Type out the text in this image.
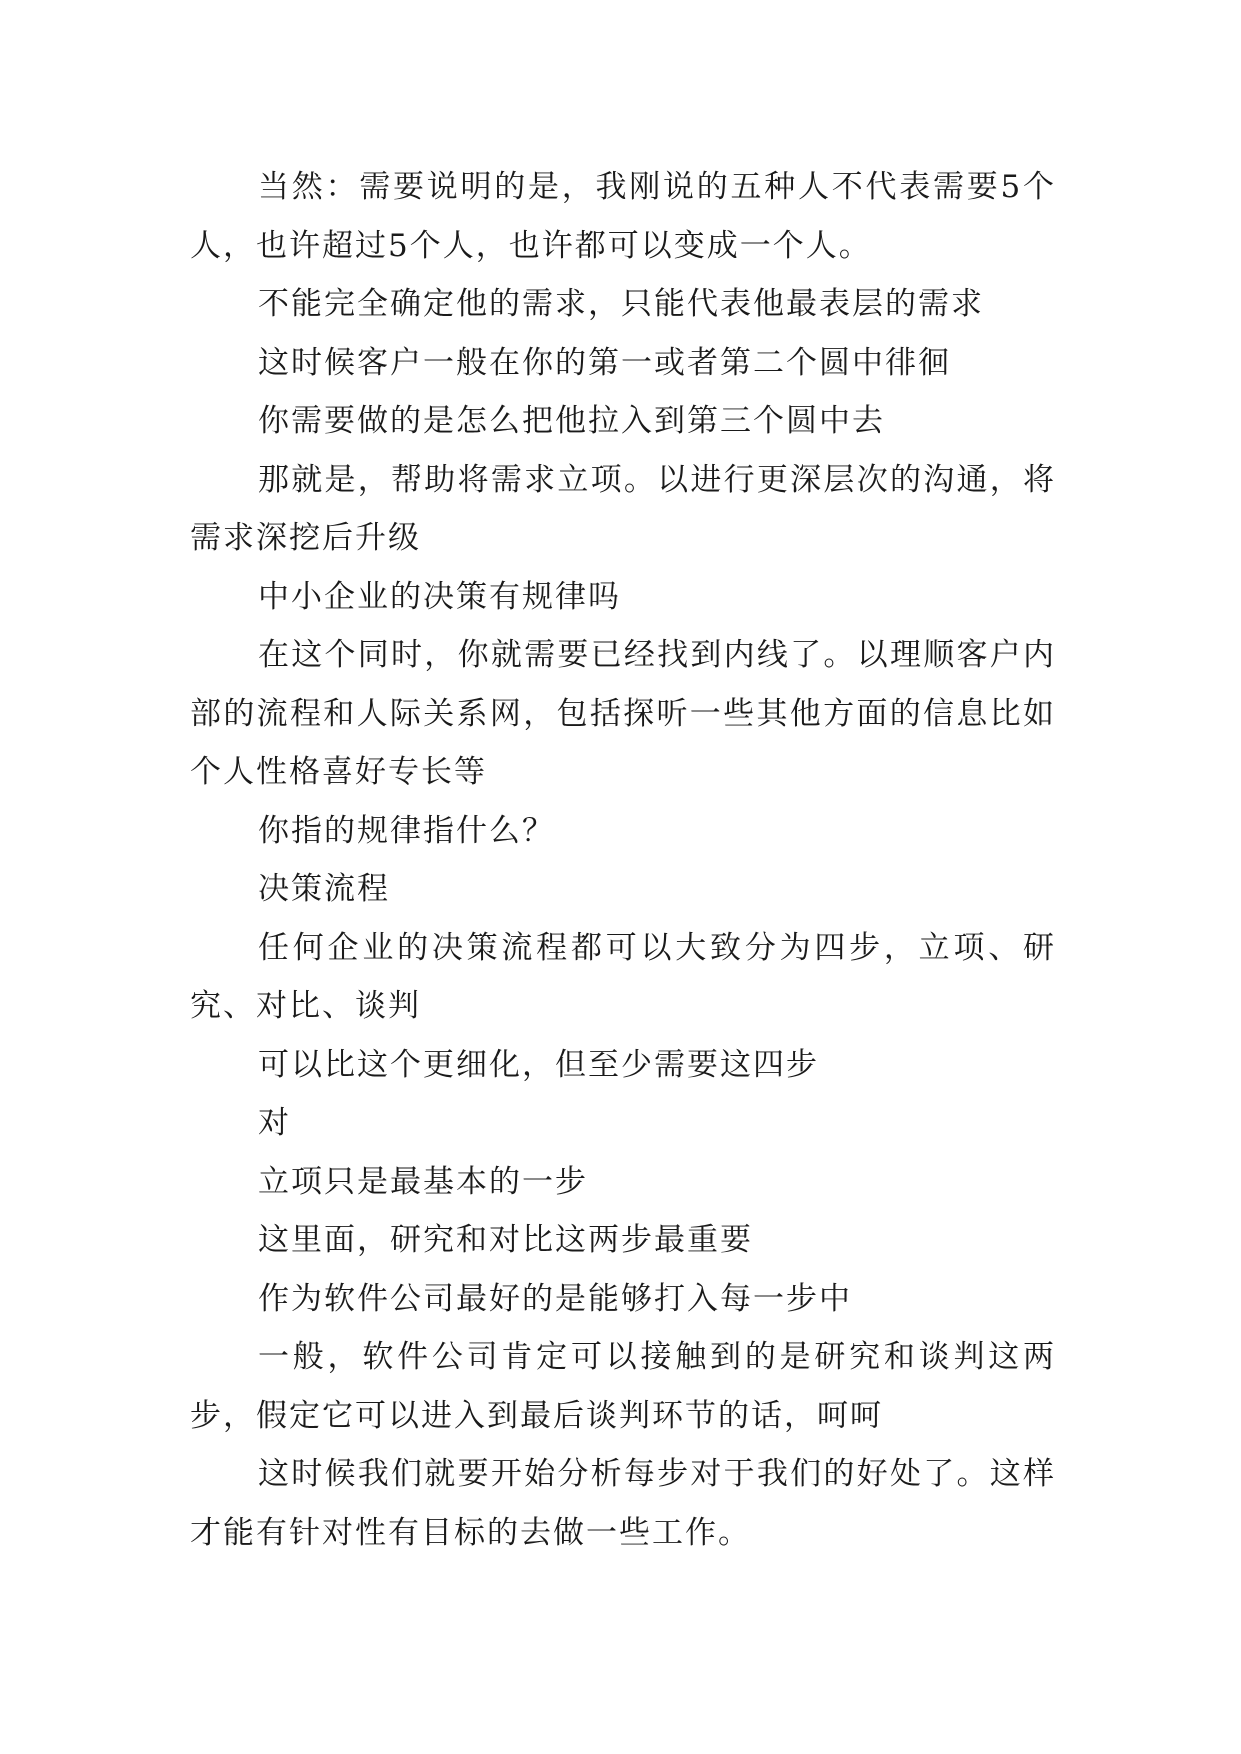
当然：需要说明的是，我刚说的五种人不代表需要5个人，也许超过5个人，也许都可以变成一个人。

不能完全确定他的需求，只能代表他最表层的需求

这时候客户一般在你的第一或者第二个圆中徘徊

你需要做的是怎么把他拉入到第三个圆中去

那就是，帮助将需求立项。以进行更深层次的沟通，将需求深挖后升级

中小企业的决策有规律吗

在这个同时，你就需要已经找到内线了。以理顺客户内部的流程和人际关系网，包括探听一些其他方面的信息比如个人性格喜好专长等

你指的规律指什么？

决策流程

任何企业的决策流程都可以大致分为四步，立项、研究、对比、谈判

可以比这个更细化，但至少需要这四步

对

立项只是最基本的一步

这里面，研究和对比这两步最重要

作为软件公司最好的是能够打入每一步中

一般，软件公司肯定可以接触到的是研究和谈判这两步，假定它可以进入到最后谈判环节的话，呵呵

这时候我们就要开始分析每步对于我们的好处了。这样才能有针对性有目标的去做一些工作。
